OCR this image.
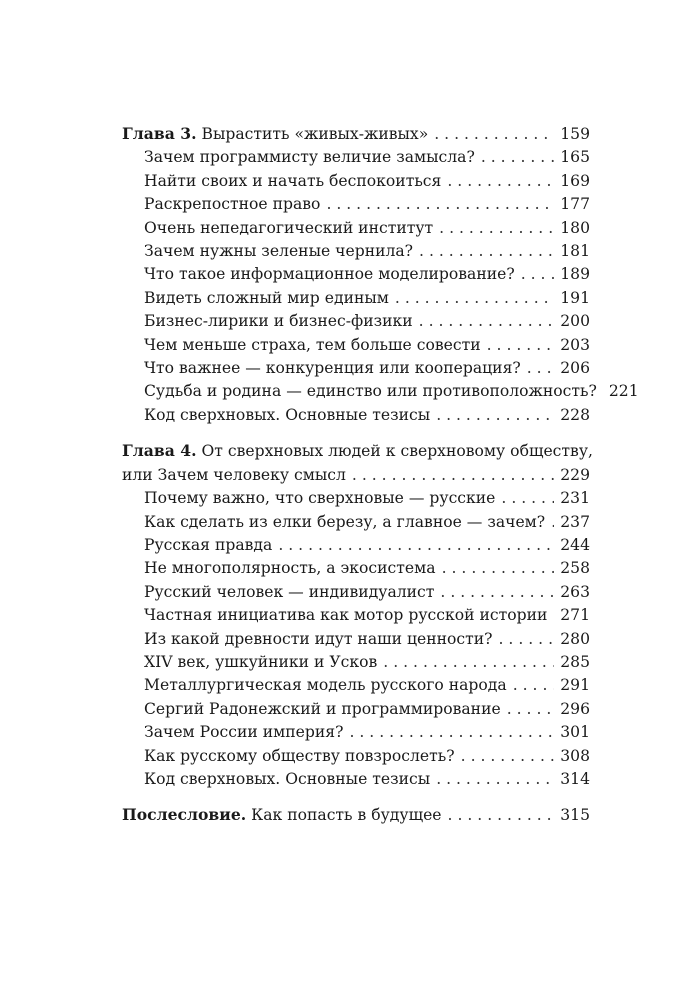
Глава 3. Вырастить «живых-живых» . . .	159
Зачем программисту величие замысла? . . .	165
Найти своих и начать беспокоиться . . .	169
Раскрепостное право . . .	177
Очень непедагогический институт . . .	180
Зачем нужны зеленые чернила? . . .	181
Что такое информационное моделирование? . . .	189
Видеть сложный мир единым . . .	191
Бизнес-лирики и бизнес-физики . . .	200
Чем меньше страха, тем больше совести . . .	203
Что важнее — конкуренция или кооперация? . . .	206
Судьба и родина — единство или противоположность? 221
Код сверхновых. Основные тезисы . . .	228
Глава 4. От сверхновых людей к сверхновому обществу,
или Зачем человеку смысл . . .	229
Почему важно, что сверхновые — русские . . .	231
Как сделать из елки березу, а главное — зачем? . . . 237
Русская правда . . .	244
Не многополярность, а экосистема . . .	258
Русский человек — индивидуалист . . .	263
Частная инициатива как мотор русской истории . . . 271
Из какой древности идут наши ценности? . . .	280
XIV век, ушкуйники и Усков . . .	285
Металлургическая модель русского народа . . .	291
Сергий Радонежский и программирование . . .	296
Зачем России империя? . . .	301
Как русскому обществу повзрослеть? . . .	308
Код сверхновых. Основные тезисы . . .	314
Послесловие. Как попасть в будущее . . .	315
